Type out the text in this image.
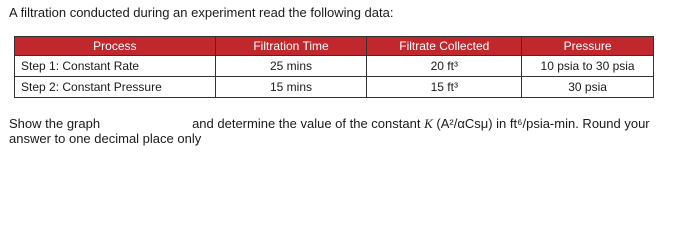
A filtration conducted during an experiment read the following data:
Process	Filtration Time	Filtrate Collected	Pressure
Step 1: Constant Rate	25 mins	20 ft³	10 psia to 30 psia
Step 2: Constant Pressure	15 mins	15 ft³	30 psia
Show the graph	and determine the value of the constant K (A²/αCsμ) in ft⁶/psia-min. Round your answer to one decimal place only
